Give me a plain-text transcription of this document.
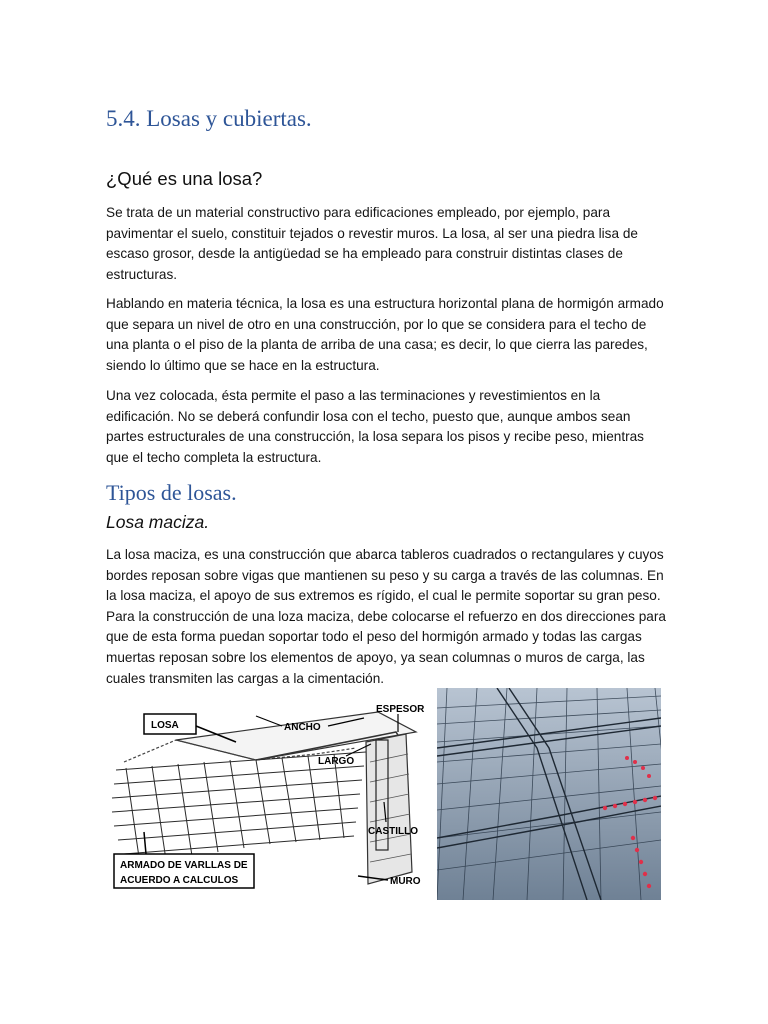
5.4. Losas y cubiertas.
¿Qué es una losa?

Se trata de un material constructivo para edificaciones empleado, por ejemplo, para pavimentar el suelo, constituir tejados o revestir muros. La losa, al ser una piedra lisa de escaso grosor, desde la antigüedad se ha empleado para construir distintas clases de estructuras.

Hablando en materia técnica, la losa es una estructura horizontal plana de hormigón armado que separa un nivel de otro en una construcción, por lo que se considera para el techo de una planta o el piso de la planta de arriba de una casa; es decir, lo que cierra las paredes, siendo lo último que se hace en la estructura.

Una vez colocada, ésta permite el paso a las terminaciones y revestimientos en la edificación. No se deberá confundir losa con el techo, puesto que, aunque ambos sean partes estructurales de una construcción, la losa separa los pisos y recibe peso, mientras que el techo completa la estructura.

Tipos de losas.
Losa maciza.

La losa maciza, es una construcción que abarca tableros cuadrados o rectangulares y cuyos bordes reposan sobre vigas que mantienen su peso y su carga a través de las columnas. En la losa maciza, el apoyo de sus extremos es rígido, el cual le permite soportar su gran peso. Para la construcción de una loza maciza, debe colocarse el refuerzo en dos direcciones para que de esta forma puedan soportar todo el peso del hormigón armado y todas las cargas muertas reposan sobre los elementos de apoyo, ya sean columnas o muros de carga, las cuales transmiten las cargas a la cimentación.

LOSA	ANCHO
ESPESOR
LARGO
CASTILLO
ARMADO DE VARLLAS DE
ACUERDO A CALCULOS	MURO
